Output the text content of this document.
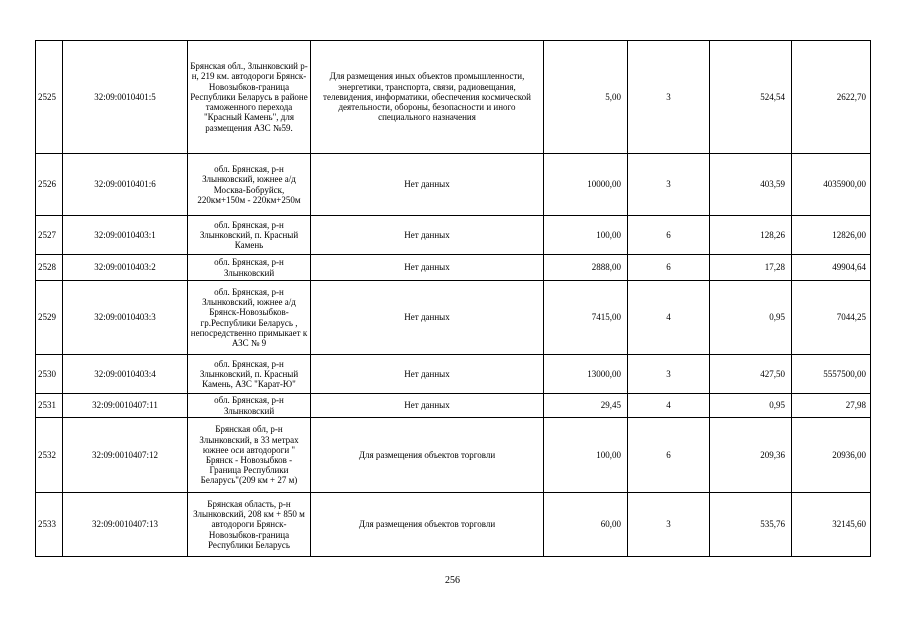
2525	32:09:0010401:5	Брянская обл., Злынковский р-н, 219 км. автодороги Брянск-Новозыбков-граница Республики Беларусь в районе таможенного перехода "Красный Камень", для размещения АЗС №59.	Для размещения иных объектов промышленности, энергетики, транспорта, связи, радиовещания, телевидения, информатики, обеспечения космической деятельности, обороны, безопасности и иного специального назначения	5,00	3	524,54	2622,70
2526	32:09:0010401:6	обл. Брянская, р-н Злынковский, южнее а/д Москва-Бобруйск, 220км+150м - 220км+250м	Нет данных	10000,00	3	403,59	4035900,00
2527	32:09:0010403:1	обл. Брянская, р-н Злынковский, п. Красный Камень	Нет данных	100,00	6	128,26	12826,00
2528	32:09:0010403:2	обл. Брянская, р-н Злынковский	Нет данных	2888,00	6	17,28	49904,64
2529	32:09:0010403:3	обл. Брянская, р-н Злынковский, южнее а/д Брянск-Новозыбков-гр.Республики Беларусь , непосредственно примыкает к АЗС № 9	Нет данных	7415,00	4	0,95	7044,25
2530	32:09:0010403:4	обл. Брянская, р-н Злынковский, п. Красный Камень, АЗС "Карат-Ю"	Нет данных	13000,00	3	427,50	5557500,00
2531	32:09:0010407:11	обл. Брянская, р-н Злынковский	Нет данных	29,45	4	0,95	27,98
2532	32:09:0010407:12	Брянская обл, р-н Злынковский, в 33 метрах южнее оси автодороги " Брянск - Новозыбков - Граница Республики Беларусь"(209 км + 27 м)	Для размещения объектов торговли	100,00	6	209,36	20936,00
2533	32:09:0010407:13	Брянская область, р-н Злынковский, 208 км + 850 м автодороги Брянск-Новозыбков-граница Республики Беларусь	Для размещения объектов торговли	60,00	3	535,76	32145,60
256
